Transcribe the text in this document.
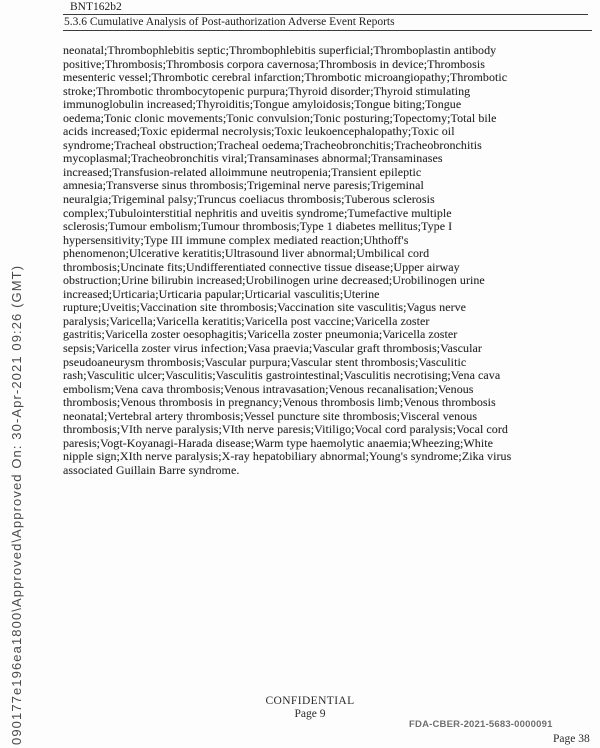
090177e196ea1800\Approved\Approved On: 30-Apr-2021 09:26 (GMT)
BNT162b2
5.3.6 Cumulative Analysis of Post-authorization Adverse Event Reports
neonatal;Thrombophlebitis septic;Thrombophlebitis superficial;Thromboplastin antibody
positive;Thrombosis;Thrombosis corpora cavernosa;Thrombosis in device;Thrombosis
mesenteric vessel;Thrombotic cerebral infarction;Thrombotic microangiopathy;Thrombotic
stroke;Thrombotic thrombocytopenic purpura;Thyroid disorder;Thyroid stimulating
immunoglobulin increased;Thyroiditis;Tongue amyloidosis;Tongue biting;Tongue
oedema;Tonic clonic movements;Tonic convulsion;Tonic posturing;Topectomy;Total bile
acids increased;Toxic epidermal necrolysis;Toxic leukoencephalopathy;Toxic oil
syndrome;Tracheal obstruction;Tracheal oedema;Tracheobronchitis;Tracheobronchitis
mycoplasmal;Tracheobronchitis viral;Transaminases abnormal;Transaminases
increased;Transfusion-related alloimmune neutropenia;Transient epileptic
amnesia;Transverse sinus thrombosis;Trigeminal nerve paresis;Trigeminal
neuralgia;Trigeminal palsy;Truncus coeliacus thrombosis;Tuberous sclerosis
complex;Tubulointerstitial nephritis and uveitis syndrome;Tumefactive multiple
sclerosis;Tumour embolism;Tumour thrombosis;Type 1 diabetes mellitus;Type I
hypersensitivity;Type III immune complex mediated reaction;Uhthoff's
phenomenon;Ulcerative keratitis;Ultrasound liver abnormal;Umbilical cord
thrombosis;Uncinate fits;Undifferentiated connective tissue disease;Upper airway
obstruction;Urine bilirubin increased;Urobilinogen urine decreased;Urobilinogen urine
increased;Urticaria;Urticaria papular;Urticarial vasculitis;Uterine
rupture;Uveitis;Vaccination site thrombosis;Vaccination site vasculitis;Vagus nerve
paralysis;Varicella;Varicella keratitis;Varicella post vaccine;Varicella zoster
gastritis;Varicella zoster oesophagitis;Varicella zoster pneumonia;Varicella zoster
sepsis;Varicella zoster virus infection;Vasa praevia;Vascular graft thrombosis;Vascular
pseudoaneurysm thrombosis;Vascular purpura;Vascular stent thrombosis;Vasculitic
rash;Vasculitic ulcer;Vasculitis;Vasculitis gastrointestinal;Vasculitis necrotising;Vena cava
embolism;Vena cava thrombosis;Venous intravasation;Venous recanalisation;Venous
thrombosis;Venous thrombosis in pregnancy;Venous thrombosis limb;Venous thrombosis
neonatal;Vertebral artery thrombosis;Vessel puncture site thrombosis;Visceral venous
thrombosis;VIth nerve paralysis;VIth nerve paresis;Vitiligo;Vocal cord paralysis;Vocal cord
paresis;Vogt-Koyanagi-Harada disease;Warm type haemolytic anaemia;Wheezing;White
nipple sign;XIth nerve paralysis;X-ray hepatobiliary abnormal;Young's syndrome;Zika virus
associated Guillain Barre syndrome.
CONFIDENTIAL
Page 9
FDA-CBER-2021-5683-0000091
Page 38
